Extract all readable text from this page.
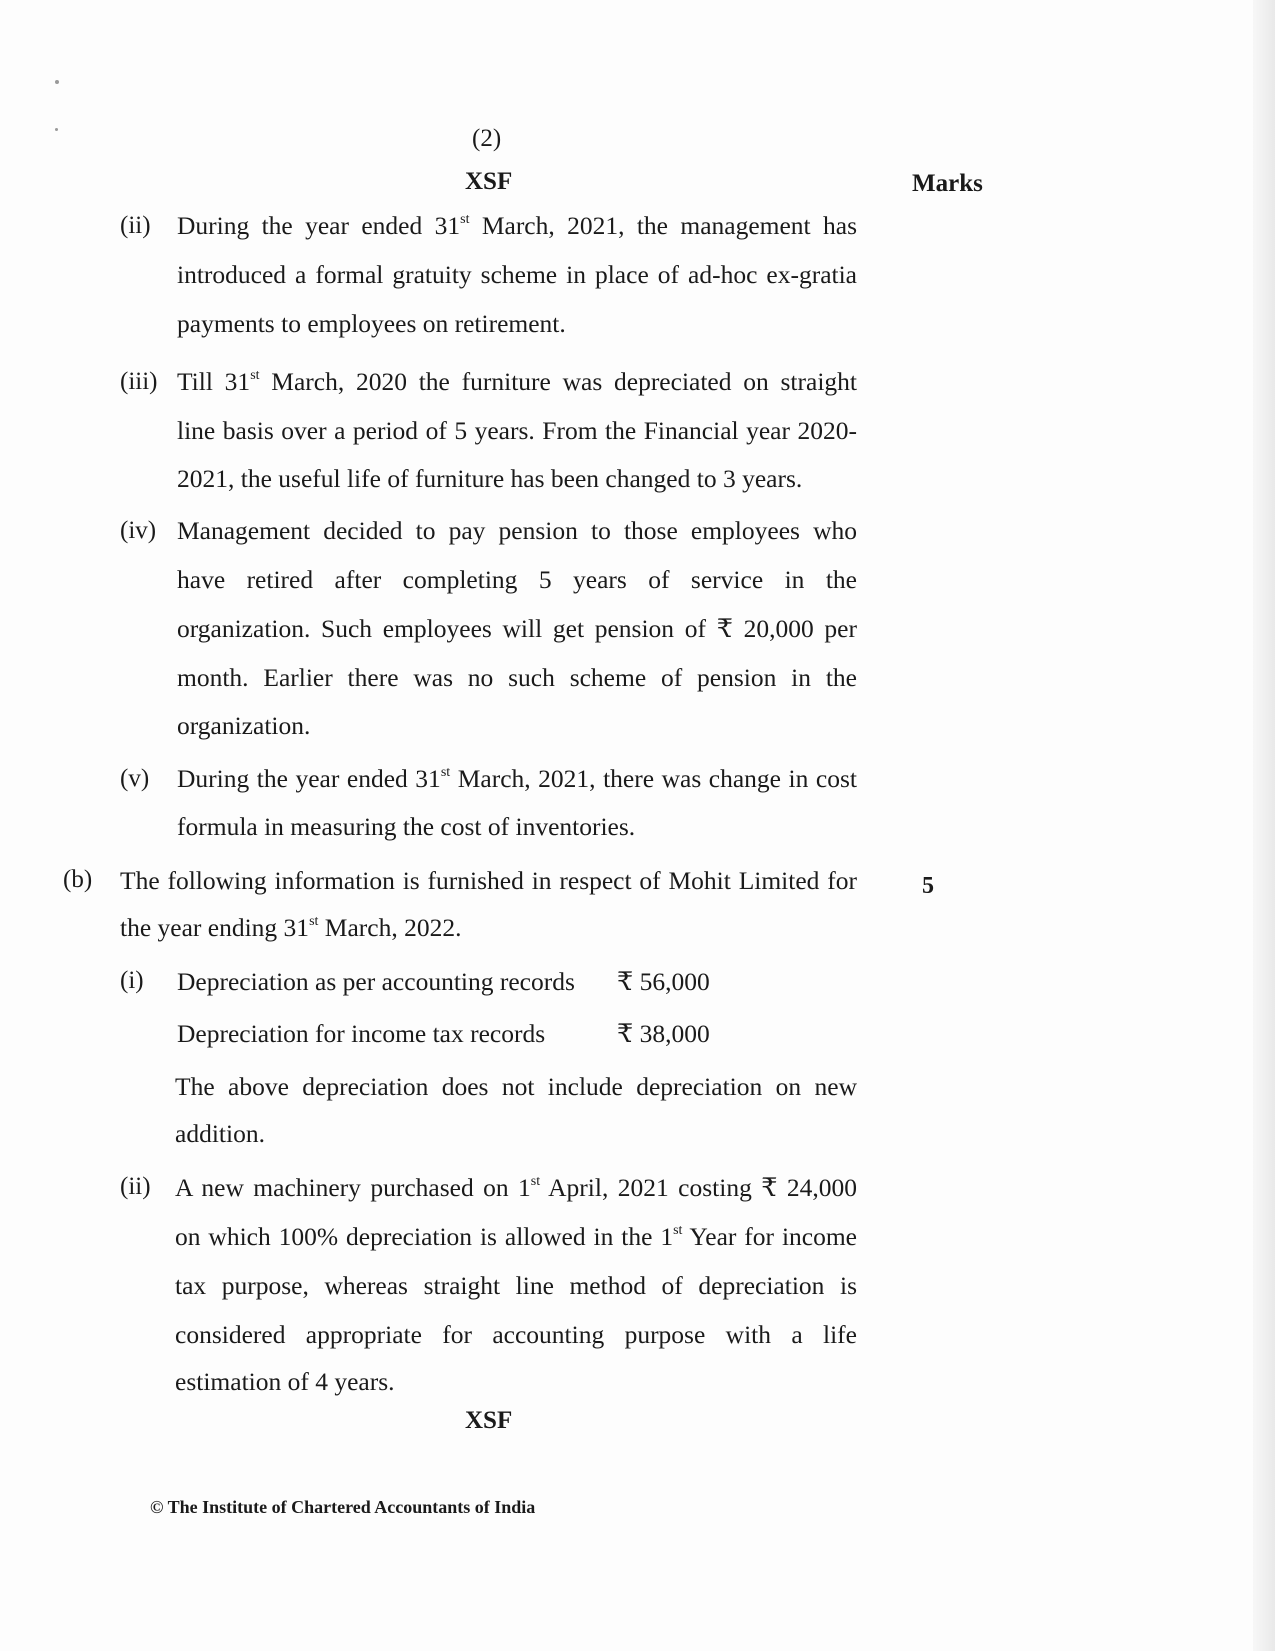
(2)
XSF	Marks
(ii) During the year ended 31st March, 2021, the management has
introduced a formal gratuity scheme in place of ad-hoc ex-gratia
payments to employees on retirement.
(iii) Till 31st March, 2020 the furniture was depreciated on straight
line basis over a period of 5 years. From the Financial year 2020-
2021, the useful life of furniture has been changed to 3 years.
(iv) Management decided to pay pension to those employees who
have retired after completing 5 years of service in the
organization. Such employees will get pension of ₹ 20,000 per
month. Earlier there was no such scheme of pension in the
organization.
(v) During the year ended 31st March, 2021, there was change in cost
formula in measuring the cost of inventories.
(b) The following information is furnished in respect of Mohit Limited for
the year ending 31st March, 2022.
5
(i) Depreciation as per accounting records ₹ 56,000
Depreciation for income tax records	₹ 38,000
The above depreciation does not include depreciation on new
addition.
(ii) A new machinery purchased on 1st April, 2021 costing ₹ 24,000
on which 100% depreciation is allowed in the 1st Year for income
tax purpose, whereas straight line method of depreciation is
considered appropriate for accounting purpose with a life
estimation of 4 years.
XSF
© The Institute of Chartered Accountants of India
